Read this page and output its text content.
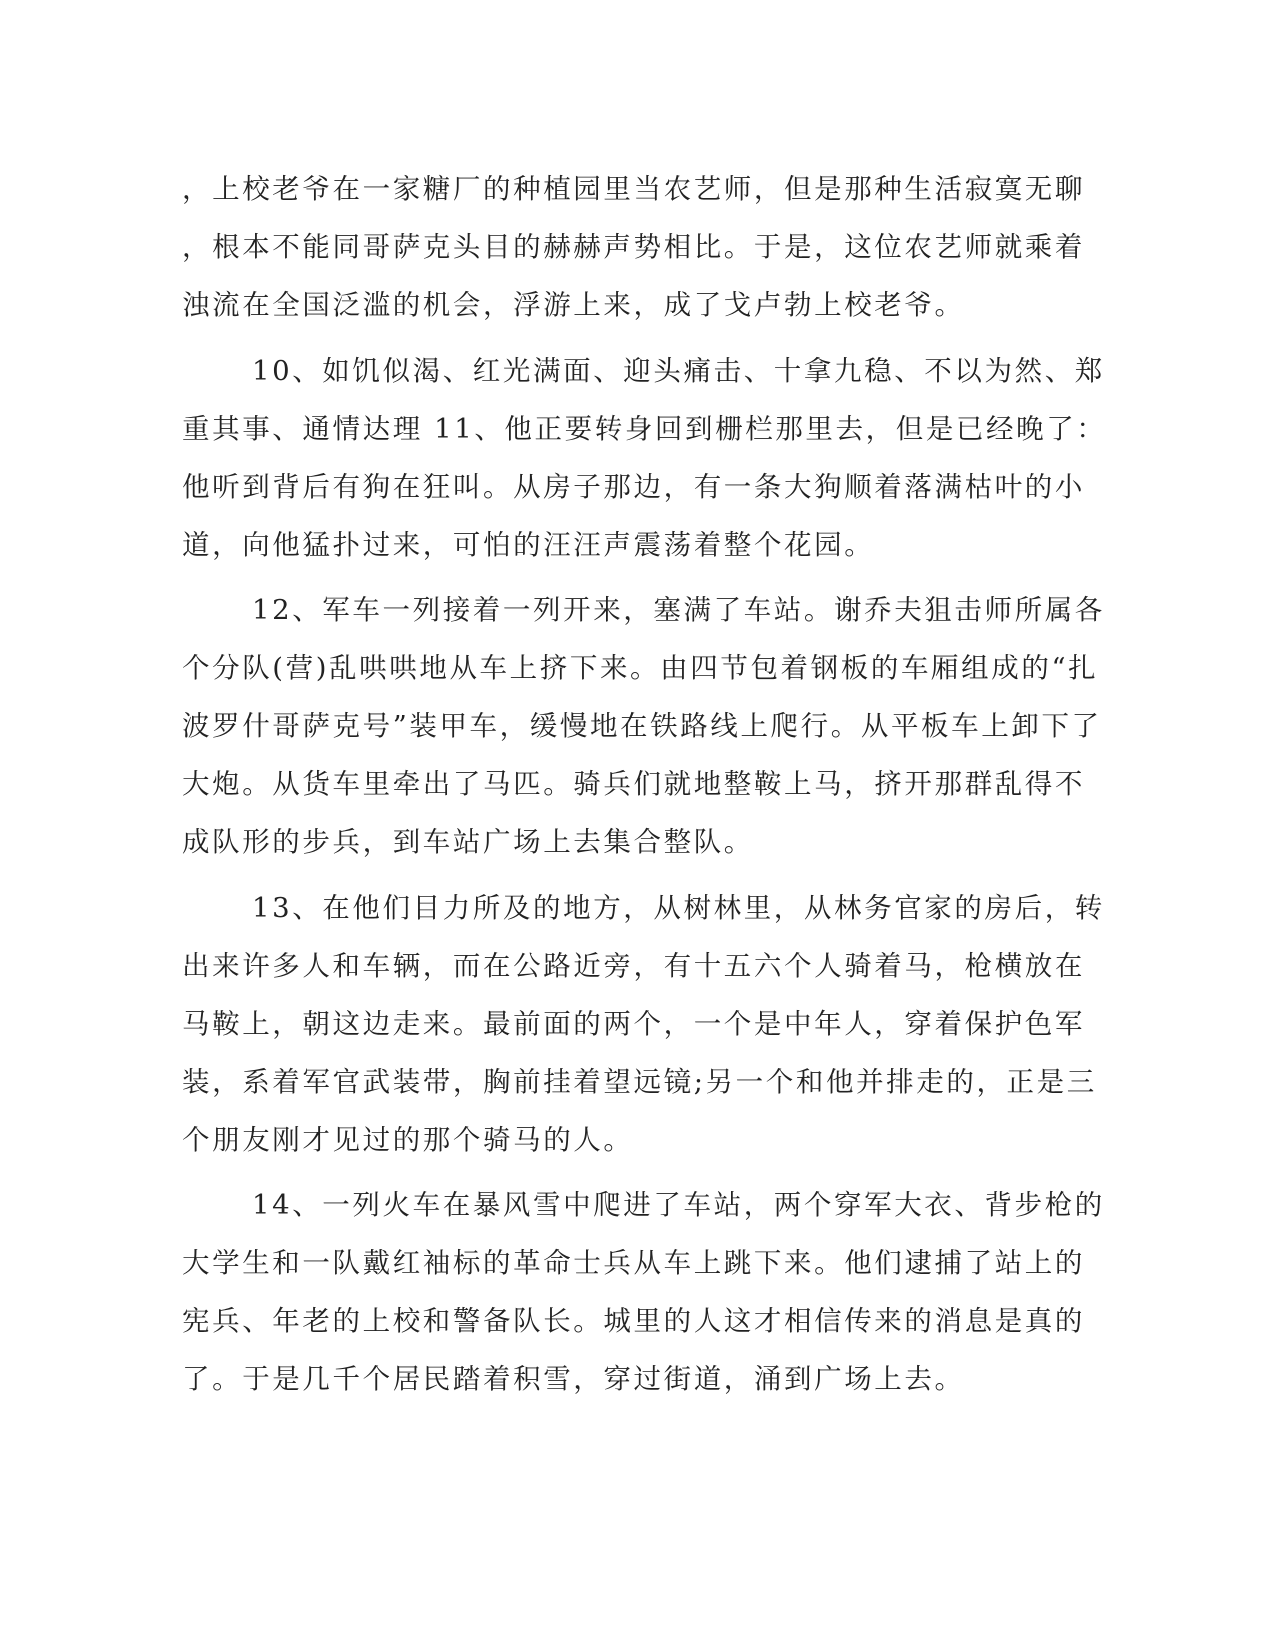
，上校老爷在一家糖厂的种植园里当农艺师，但是那种生活寂寞无聊
，根本不能同哥萨克头目的赫赫声势相比。于是，这位农艺师就乘着
浊流在全国泛滥的机会，浮游上来，成了戈卢勃上校老爷。
10、如饥似渴、红光满面、迎头痛击、十拿九稳、不以为然、郑
重其事、通情达理 11、他正要转身回到栅栏那里去，但是已经晚了：
他听到背后有狗在狂叫。从房子那边，有一条大狗顺着落满枯叶的小
道，向他猛扑过来，可怕的汪汪声震荡着整个花园。
12、军车一列接着一列开来，塞满了车站。谢乔夫狙击师所属各
个分队(营)乱哄哄地从车上挤下来。由四节包着钢板的车厢组成的“扎
波罗什哥萨克号”装甲车，缓慢地在铁路线上爬行。从平板车上卸下了
大炮。从货车里牵出了马匹。骑兵们就地整鞍上马，挤开那群乱得不
成队形的步兵，到车站广场上去集合整队。
13、在他们目力所及的地方，从树林里，从林务官家的房后，转
出来许多人和车辆，而在公路近旁，有十五六个人骑着马，枪横放在
马鞍上，朝这边走来。最前面的两个，一个是中年人，穿着保护色军
装，系着军官武装带，胸前挂着望远镜;另一个和他并排走的，正是三
个朋友刚才见过的那个骑马的人。
14、一列火车在暴风雪中爬进了车站，两个穿军大衣、背步枪的
大学生和一队戴红袖标的革命士兵从车上跳下来。他们逮捕了站上的
宪兵、年老的上校和警备队长。城里的人这才相信传来的消息是真的
了。于是几千个居民踏着积雪，穿过街道，涌到广场上去。
